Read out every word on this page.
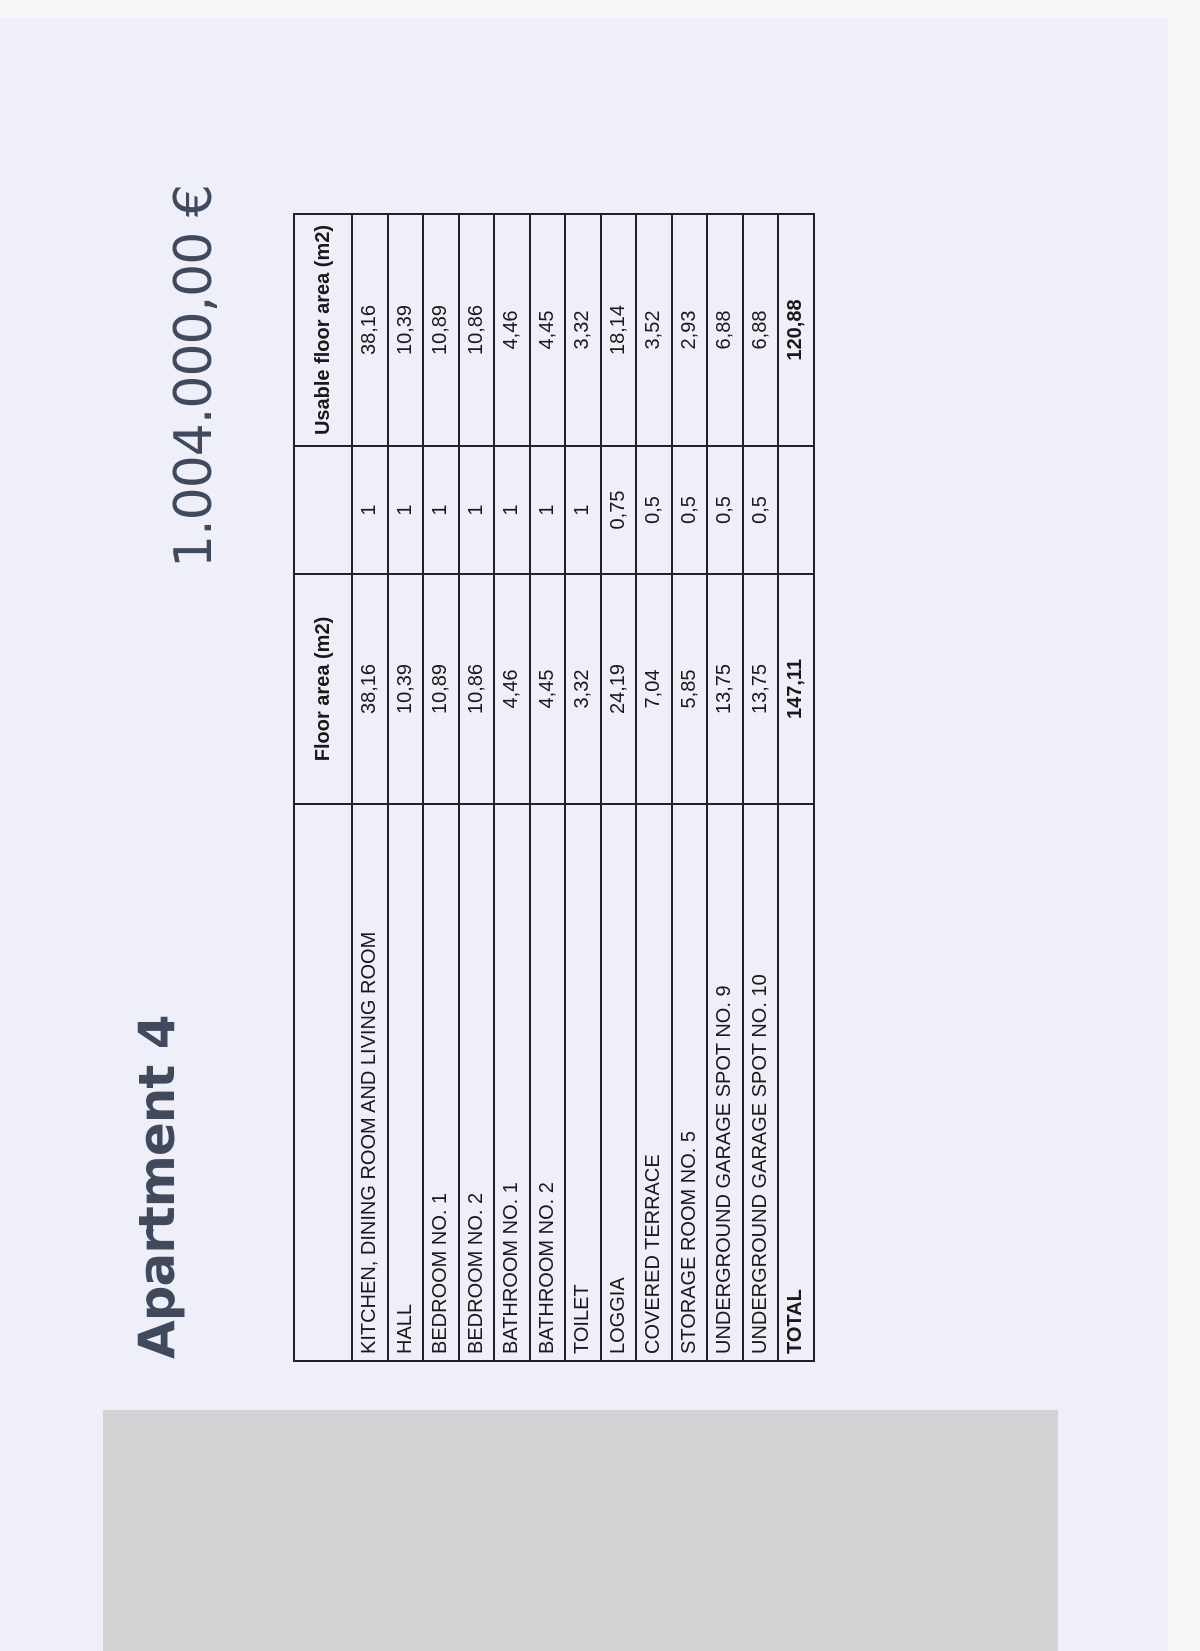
Apartment 4
1.004.000,00 €
	Floor area (m2)		Usable floor area (m2)
KITCHEN, DINING ROOM AND LIVING ROOM	38,16	1	38,16
HALL	10,39	1	10,39
BEDROOM NO. 1	10,89	1	10,89
BEDROOM NO. 2	10,86	1	10,86
BATHROOM NO. 1	4,46	1	4,46
BATHROOM NO. 2	4,45	1	4,45
TOILET	3,32	1	3,32
LOGGIA	24,19	0,75	18,14
COVERED TERRACE	7,04	0,5	3,52
STORAGE ROOM NO. 5	5,85	0,5	2,93
UNDERGROUND GARAGE SPOT NO. 9	13,75	0,5	6,88
UNDERGROUND GARAGE SPOT NO. 10	13,75	0,5	6,88
TOTAL	147,11		120,88
